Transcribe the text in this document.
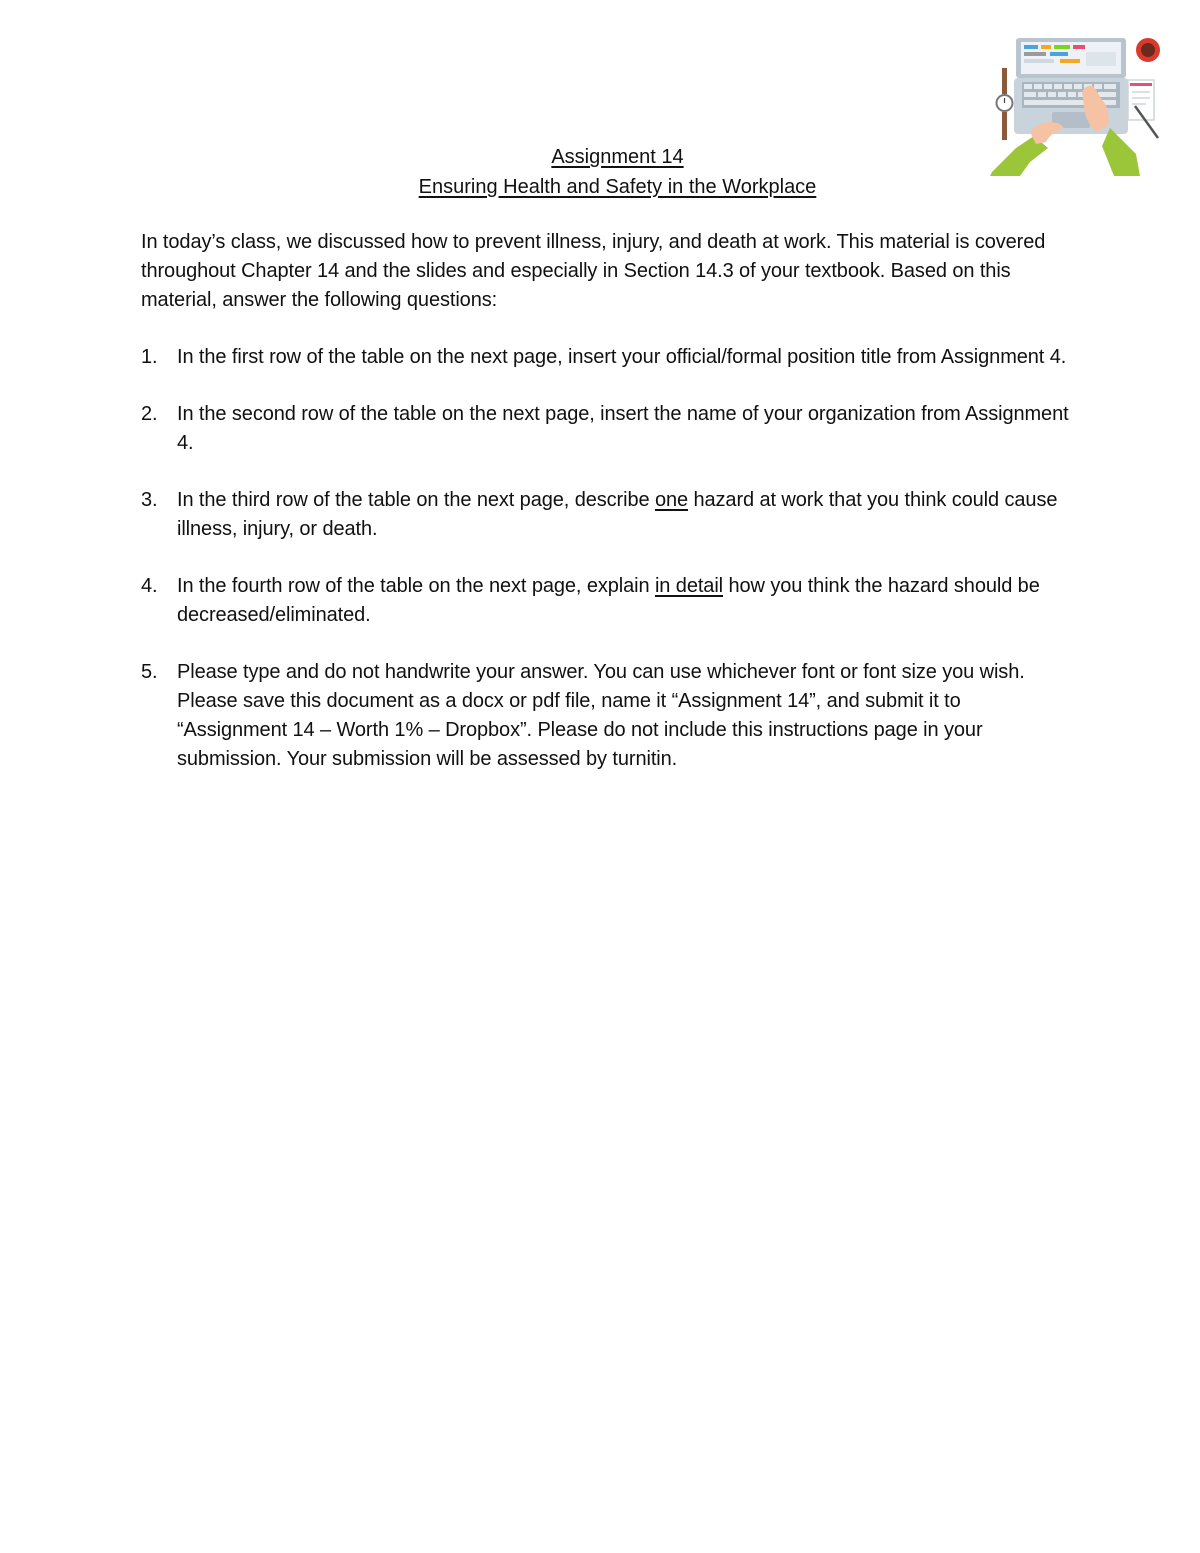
Assignment 14
Ensuring Health and Safety in the Workplace
In today’s class, we discussed how to prevent illness, injury, and death at work. This material is covered throughout Chapter 14 and the slides and especially in Section 14.3 of your textbook. Based on this material, answer the following questions:
1. In the first row of the table on the next page, insert your official/formal position title from Assignment 4.
2. In the second row of the table on the next page, insert the name of your organization from Assignment 4.
3. In the third row of the table on the next page, describe one hazard at work that you think could cause illness, injury, or death.
4. In the fourth row of the table on the next page, explain in detail how you think the hazard should be decreased/eliminated.
5. Please type and do not handwrite your answer. You can use whichever font or font size you wish. Please save this document as a docx or pdf file, name it “Assignment 14”, and submit it to “Assignment 14 – Worth 1% – Dropbox”. Please do not include this instructions page in your submission. Your submission will be assessed by turnitin.
